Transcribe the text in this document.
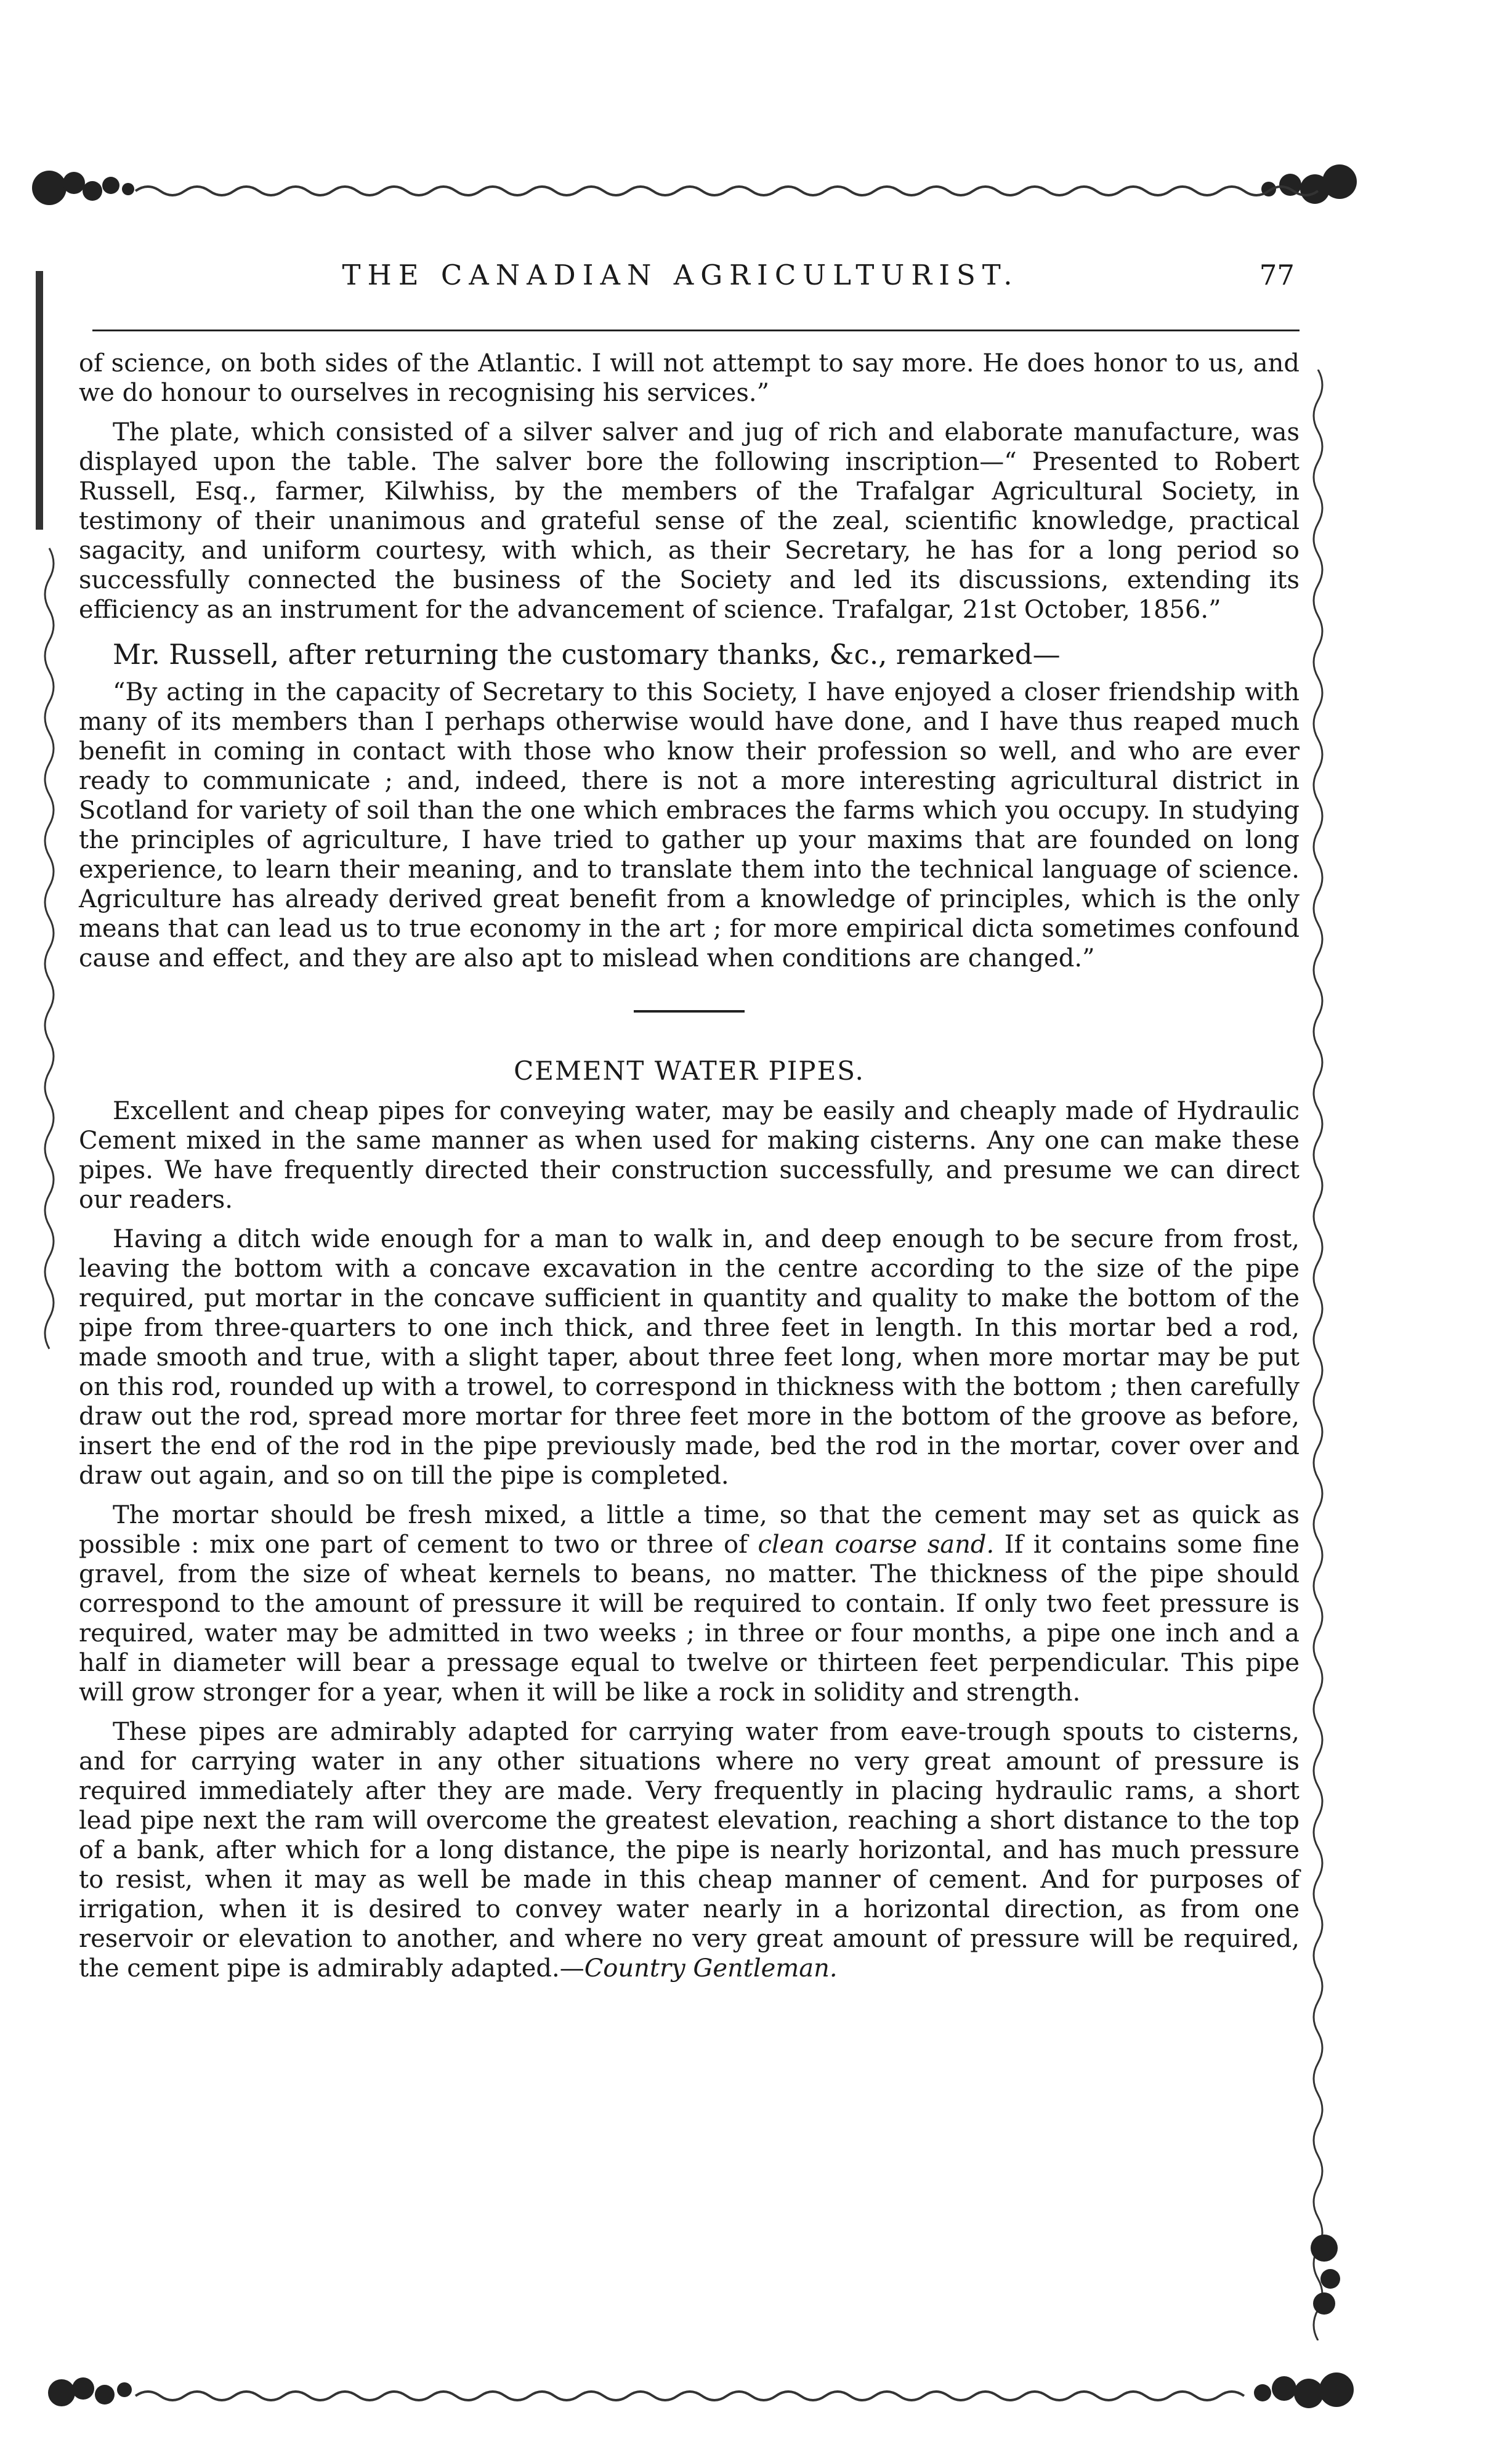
THE CANADIAN AGRICULTURIST.	77

of science, on both sides of the Atlantic. I will not attempt to say more. He does honor to us, and we do honour to ourselves in recognising his services.”

The plate, which consisted of a silver salver and jug of rich and elaborate manufacture, was displayed upon the table. The salver bore the following inscription—“ Presented to Robert Russell, Esq., farmer, Kilwhiss, by the members of the Trafalgar Agricultural Society, in testimony of their unanimous and grateful sense of the zeal, scientific knowledge, practical sagacity, and uniform courtesy, with which, as their Secretary, he has for a long period so successfully connected the business of the Society and led its discussions, extending its efficiency as an instrument for the advancement of science. Trafalgar, 21st October, 1856.”

Mr. Russell, after returning the customary thanks, &c., remarked—

“By acting in the capacity of Secretary to this Society, I have enjoyed a closer friendship with many of its members than I perhaps otherwise would have done, and I have thus reaped much benefit in coming in contact with those who know their profession so well, and who are ever ready to communicate ; and, indeed, there is not a more interesting agricultural district in Scotland for variety of soil than the one which embraces the farms which you occupy. In studying the principles of agriculture, I have tried to gather up your maxims that are founded on long experience, to learn their meaning, and to translate them into the technical language of science. Agriculture has already derived great benefit from a knowledge of principles, which is the only means that can lead us to true economy in the art ; for more empirical dicta sometimes confound cause and effect, and they are also apt to mislead when conditions are changed.”

CEMENT WATER PIPES.

Excellent and cheap pipes for conveying water, may be easily and cheaply made of Hydraulic Cement mixed in the same manner as when used for making cisterns. Any one can make these pipes. We have frequently directed their construction successfully, and presume we can direct our readers.

Having a ditch wide enough for a man to walk in, and deep enough to be secure from frost, leaving the bottom with a concave excavation in the centre according to the size of the pipe required, put mortar in the concave sufficient in quantity and quality to make the bottom of the pipe from three-quarters to one inch thick, and three feet in length. In this mortar bed a rod, made smooth and true, with a slight taper, about three feet long, when more mortar may be put on this rod, rounded up with a trowel, to correspond in thickness with the bottom ; then carefully draw out the rod, spread more mortar for three feet more in the bottom of the groove as before, insert the end of the rod in the pipe previously made, bed the rod in the mortar, cover over and draw out again, and so on till the pipe is completed.

The mortar should be fresh mixed, a little a time, so that the cement may set as quick as possible : mix one part of cement to two or three of clean coarse sand. If it contains some fine gravel, from the size of wheat kernels to beans, no matter. The thickness of the pipe should correspond to the amount of pressure it will be required to contain. If only two feet pressure is required, water may be admitted in two weeks ; in three or four months, a pipe one inch and a half in diameter will bear a pressage equal to twelve or thirteen feet perpendicular. This pipe will grow stronger for a year, when it will be like a rock in solidity and strength.

These pipes are admirably adapted for carrying water from eave-trough spouts to cisterns, and for carrying water in any other situations where no very great amount of pressure is required immediately after they are made. Very frequently in placing hydraulic rams, a short lead pipe next the ram will overcome the greatest elevation, reaching a short distance to the top of a bank, after which for a long distance, the pipe is nearly horizontal, and has much pressure to resist, when it may as well be made in this cheap manner of cement. And for purposes of irrigation, when it is desired to convey water nearly in a horizontal direction, as from one reservoir or elevation to another, and where no very great amount of pressure will be required, the cement pipe is admirably adapted.—Country Gentleman.
